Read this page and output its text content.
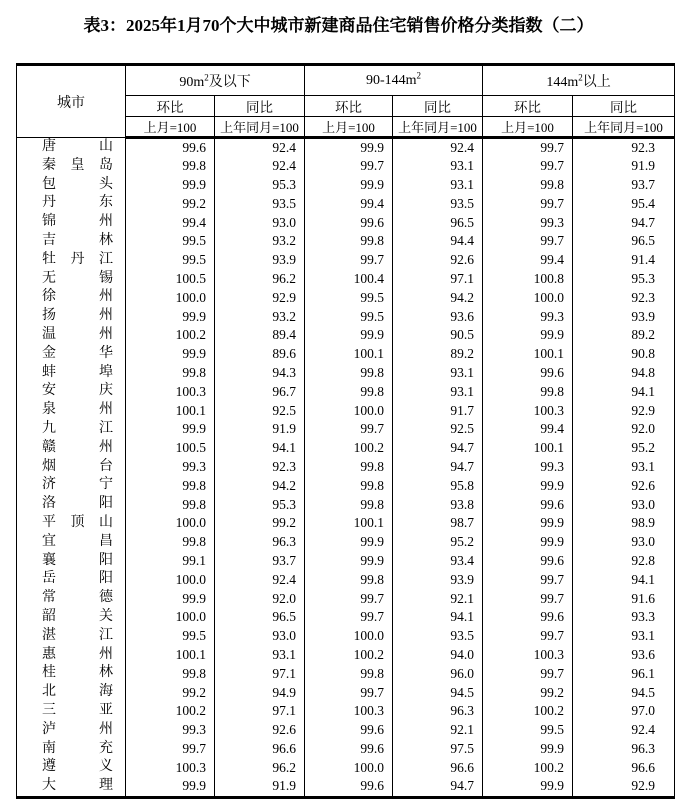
表3：2025年1月70个大中城市新建商品住宅销售价格分类指数（二）
城市	$90m^2$及以下		$90-144m^2$		$144m^2$以上	
	环比	同比	环比	同比	环比	同比
	上月=100	上年同月=100	上月=100	上年同月=100	上月=100	上年同月=100

唐 山	99.6	92.4	99.9	92.4	99.7	92.3

秦 皇 岛	99.8	92.4	99.7	93.1	99.7	91.9

包 头	99.9	95.3	99.9	93.1	99.8	93.7

丹 东	99.2	93.5	99.4	93.5	99.7	95.4

锦 州	99.4	93.0	99.6	96.5	99.3	94.7

吉 林	99.5	93.2	99.8	94.4	99.7	96.5

牡 丹 江	99.5	93.9	99.7	92.6	99.4	91.4

无 锡	100.5	96.2	100.4	97.1	100.8	95.3

徐 州	100.0	92.9	99.5	94.2	100.0	92.3

扬 州	99.9	93.2	99.5	93.6	99.3	93.9

温 州	100.2	89.4	99.9	90.5	99.9	89.2

金 华	99.9	89.6	100.1	89.2	100.1	90.8

蚌 埠	99.8	94.3	99.8	93.1	99.6	94.8

安 庆	100.3	96.7	99.8	93.1	99.8	94.1

泉 州	100.1	92.5	100.0	91.7	100.3	92.9

九 江	99.9	91.9	99.7	92.5	99.4	92.0

赣 州	100.5	94.1	100.2	94.7	100.1	95.2

烟 台	99.3	92.3	99.8	94.7	99.3	93.1

济 宁	99.8	94.2	99.8	95.8	99.9	92.6

洛 阳	99.8	95.3	99.8	93.8	99.6	93.0

平 顶 山	100.0	99.2	100.1	98.7	99.9	98.9

宜 昌	99.8	96.3	99.9	95.2	99.9	93.0

襄 阳	99.1	93.7	99.9	93.4	99.6	92.8

岳 阳	100.0	92.4	99.8	93.9	99.7	94.1

常 德	99.9	92.0	99.7	92.1	99.7	91.6

韶 关	100.0	96.5	99.7	94.1	99.6	93.3

湛 江	99.5	93.0	100.0	93.5	99.7	93.1

惠 州	100.1	93.1	100.2	94.0	100.3	93.6

桂 林	99.8	97.1	99.8	96.0	99.7	96.1

北 海	99.2	94.9	99.7	94.5	99.2	94.5

三 亚	100.2	97.1	100.3	96.3	100.2	97.0

泸 州	99.3	92.6	99.6	92.1	99.5	92.4

南 充	99.7	96.6	99.6	97.5	99.9	96.3

遵 义	100.3	96.2	100.0	96.6	100.2	96.6

大 理	99.9	91.9	99.6	94.7	99.9	92.9
